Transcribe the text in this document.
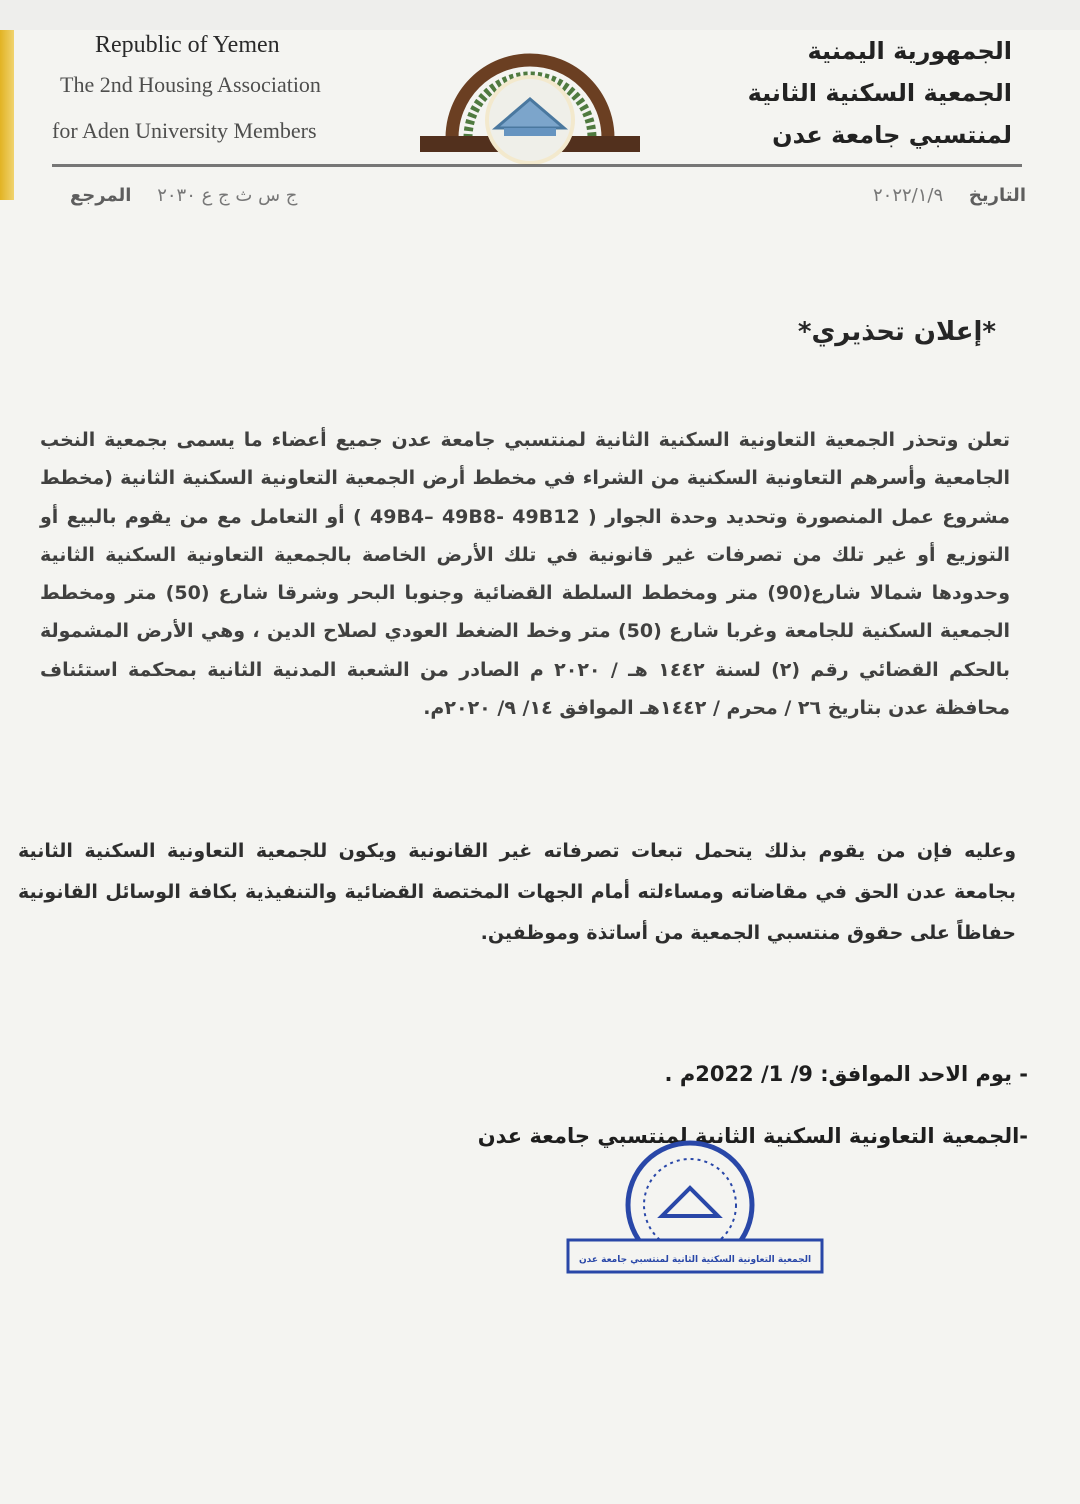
Republic of Yemen
The 2nd Housing Association
for Aden University Members
الجمهورية اليمنية
الجمعية السكنية الثانية
لمنتسبي جامعة عدن
ج س ث ج ع ٢٠٣٠ المرجع	التاريخ ٢٠٢٢/١/٩
*إعلان تحذيري*

تعلن وتحذر الجمعية التعاونية السكنية الثانية لمنتسبي جامعة عدن جميع أعضاء ما يسمى بجمعية النخب الجامعية وأسرهم التعاونية السكنية من الشراء في مخطط أرض الجمعية التعاونية السكنية الثانية (مخطط مشروع عمل المنصورة وتحديد وحدة الجوار ( 49B4– 49B8- 49B12 ) أو التعامل مع من يقوم بالبيع أو التوزيع أو غير تلك من تصرفات غير قانونية في تلك الأرض الخاصة بالجمعية التعاونية السكنية الثانية وحدودها شمالا شارع(90) متر ومخطط السلطة القضائية وجنوبا البحر وشرقا شارع (50) متر ومخطط الجمعية السكنية للجامعة وغربا شارع (50) متر وخط الضغط العودي لصلاح الدين ، وهي الأرض المشمولة بالحكم القضائي رقم (٢) لسنة ١٤٤٢ هـ / ٢٠٢٠ م الصادر من الشعبة المدنية الثانية بمحكمة استئناف محافظة عدن بتاريخ ٢٦ / محرم / ١٤٤٢هـ الموافق ١٤/ ٩/ ٢٠٢٠م.

وعليه فإن من يقوم بذلك يتحمل تبعات تصرفاته غير القانونية ويكون للجمعية التعاونية السكنية الثانية بجامعة عدن الحق في مقاضاته ومساءلته أمام الجهات المختصة القضائية والتنفيذية بكافة الوسائل القانونية حفاظاً على حقوق منتسبي الجمعية من أساتذة وموظفين.

- يوم الاحد الموافق: 9/ 1/ 2022م .
-الجمعية التعاونية السكنية الثانية لمنتسبي جامعة عدن
الجمعية التعاونية السكنية الثانية لمنتسبي جامعة عدن
